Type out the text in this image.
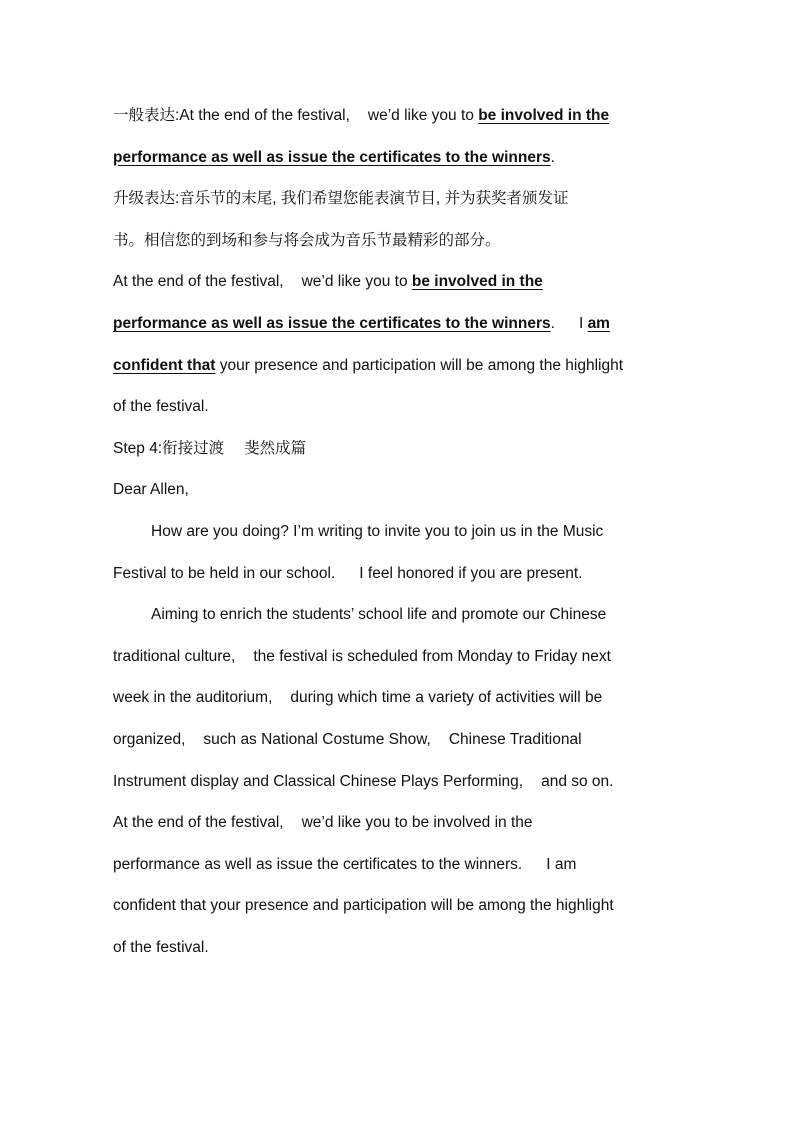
一般表达:At the end of the festival, we’d like you to be involved in the
performance as well as issue the certificates to the winners.
升级表达:音乐节的末尾, 我们希望您能表演节目, 并为获奖者颁发证
书。相信您的到场和参与将会成为音乐节最精彩的部分。
At the end of the festival, we’d like you to be involved in the
performance as well as issue the certificates to the winners. I am
confident that your presence and participation will be among the highlight
of the festival.
Step 4:衔接过渡 斐然成篇
Dear Allen,
How are you doing? I’m writing to invite you to join us in the Music
Festival to be held in our school. I feel honored if you are present.
Aiming to enrich the students’ school life and promote our Chinese
traditional culture, the festival is scheduled from Monday to Friday next
week in the auditorium, during which time a variety of activities will be
organized, such as National Costume Show, Chinese Traditional
Instrument display and Classical Chinese Plays Performing, and so on.
At the end of the festival, we’d like you to be involved in the
performance as well as issue the certificates to the winners. I am
confident that your presence and participation will be among the highlight
of the festival.
